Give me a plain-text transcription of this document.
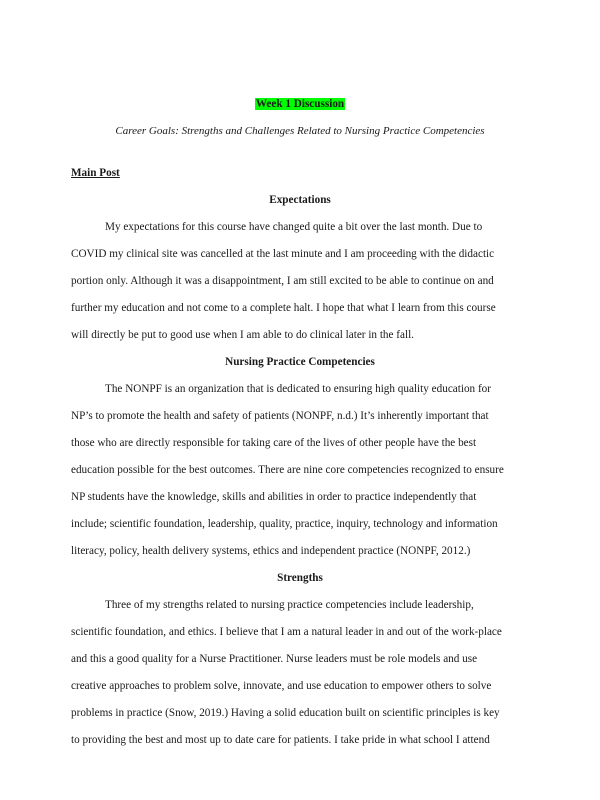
Week 1 Discussion
Career Goals: Strengths and Challenges Related to Nursing Practice Competencies
Main Post
Expectations
My expectations for this course have changed quite a bit over the last month. Due to
COVID my clinical site was cancelled at the last minute and I am proceeding with the didactic
portion only. Although it was a disappointment, I am still excited to be able to continue on and
further my education and not come to a complete halt. I hope that what I learn from this course
will directly be put to good use when I am able to do clinical later in the fall.
Nursing Practice Competencies
The NONPF is an organization that is dedicated to ensuring high quality education for
NP’s to promote the health and safety of patients (NONPF, n.d.) It’s inherently important that
those who are directly responsible for taking care of the lives of other people have the best
education possible for the best outcomes. There are nine core competencies recognized to ensure
NP students have the knowledge, skills and abilities in order to practice independently that
include; scientific foundation, leadership, quality, practice, inquiry, technology and information
literacy, policy, health delivery systems, ethics and independent practice (NONPF, 2012.)
Strengths
Three of my strengths related to nursing practice competencies include leadership,
scientific foundation, and ethics. I believe that I am a natural leader in and out of the work-place
and this a good quality for a Nurse Practitioner. Nurse leaders must be role models and use
creative approaches to problem solve, innovate, and use education to empower others to solve
problems in practice (Snow, 2019.) Having a solid education built on scientific principles is key
to providing the best and most up to date care for patients. I take pride in what school I attend
